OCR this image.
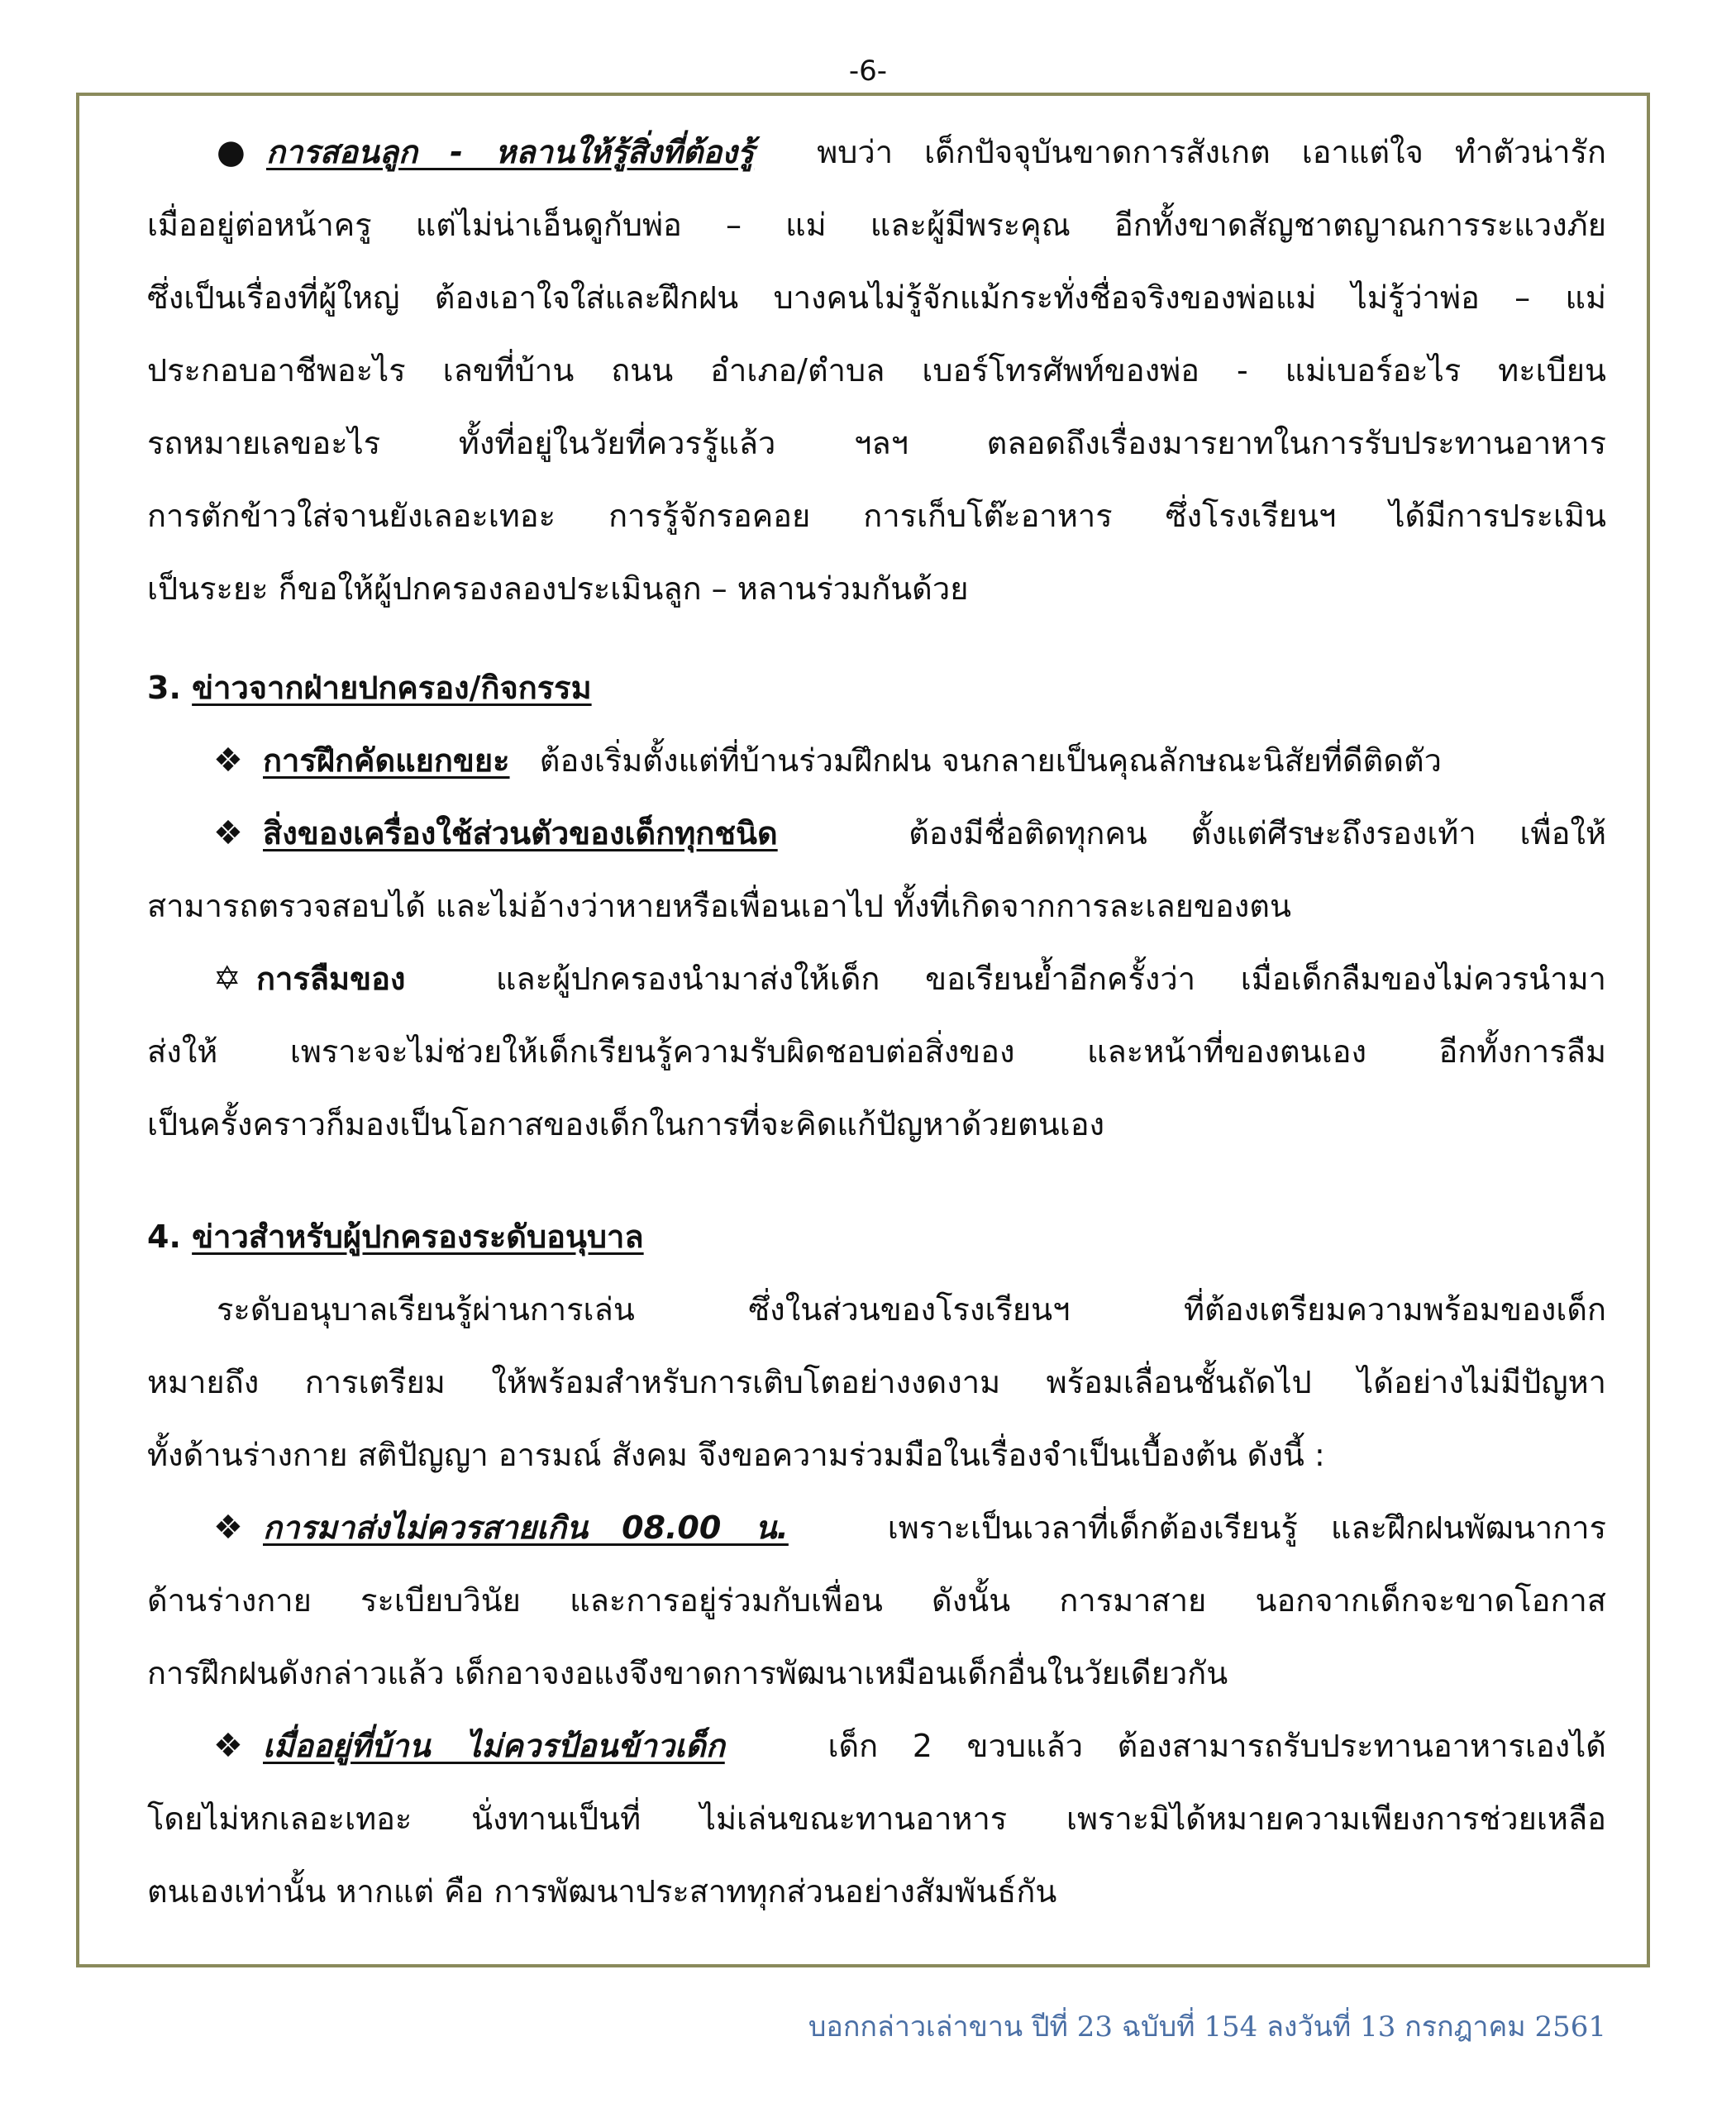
-6-
● การสอนลูก - หลานให้รู้สิ่งที่ต้องรู้ พบว่า เด็กปัจจุบันขาดการสังเกต เอาแต่ใจ ทำตัวน่ารัก
เมื่ออยู่ต่อหน้าครู แต่ไม่น่าเอ็นดูกับพ่อ – แม่ และผู้มีพระคุณ อีกทั้งขาดสัญชาตญาณการระแวงภัย
ซึ่งเป็นเรื่องที่ผู้ใหญ่ ต้องเอาใจใส่และฝึกฝน บางคนไม่รู้จักแม้กระทั่งชื่อจริงของพ่อแม่ ไม่รู้ว่าพ่อ – แม่
ประกอบอาชีพอะไร เลขที่บ้าน ถนน อำเภอ/ตำบล เบอร์โทรศัพท์ของพ่อ - แม่เบอร์อะไร ทะเบียน
รถหมายเลขอะไร ทั้งที่อยู่ในวัยที่ควรรู้แล้ว ฯลฯ ตลอดถึงเรื่องมารยาทในการรับประทานอาหาร
การตักข้าวใส่จานยังเลอะเทอะ การรู้จักรอคอย การเก็บโต๊ะอาหาร ซึ่งโรงเรียนฯ ได้มีการประเมิน
เป็นระยะ ก็ขอให้ผู้ปกครองลองประเมินลูก – หลานร่วมกันด้วย
3. ข่าวจากฝ่ายปกครอง/กิจกรรม
❖ การฝึกคัดแยกขยะ ต้องเริ่มตั้งแต่ที่บ้านร่วมฝึกฝน จนกลายเป็นคุณลักษณะนิสัยที่ดีติดตัว
❖ สิ่งของเครื่องใช้ส่วนตัวของเด็กทุกชนิด	ต้องมีชื่อติดทุกคน ตั้งแต่ศีรษะถึงรองเท้า เพื่อให้
สามารถตรวจสอบได้ และไม่อ้างว่าหายหรือเพื่อนเอาไป ทั้งที่เกิดจากการละเลยของตน
✡ การลืมของ	และผู้ปกครองนำมาส่งให้เด็ก ขอเรียนย้ำอีกครั้งว่า เมื่อเด็กลืมของไม่ควรนำมา
ส่งให้ เพราะจะไม่ช่วยให้เด็กเรียนรู้ความรับผิดชอบต่อสิ่งของ และหน้าที่ของตนเอง อีกทั้งการลืม
เป็นครั้งคราวก็มองเป็นโอกาสของเด็กในการที่จะคิดแก้ปัญหาด้วยตนเอง
4. ข่าวสำหรับผู้ปกครองระดับอนุบาล
ระดับอนุบาลเรียนรู้ผ่านการเล่น ซึ่งในส่วนของโรงเรียนฯ ที่ต้องเตรียมความพร้อมของเด็ก
หมายถึง การเตรียม ให้พร้อมสำหรับการเติบโตอย่างงดงาม พร้อมเลื่อนชั้นถัดไป ได้อย่างไม่มีปัญหา
ทั้งด้านร่างกาย สติปัญญา อารมณ์ สังคม จึงขอความร่วมมือในเรื่องจำเป็นเบื้องต้น ดังนี้ :
❖ การมาส่งไม่ควรสายเกิน 08.00 น.	เพราะเป็นเวลาที่เด็กต้องเรียนรู้ และฝึกฝนพัฒนาการ
ด้านร่างกาย ระเบียบวินัย และการอยู่ร่วมกับเพื่อน ดังนั้น การมาสาย นอกจากเด็กจะขาดโอกาส
การฝึกฝนดังกล่าวแล้ว เด็กอาจงอแงจึงขาดการพัฒนาเหมือนเด็กอื่นในวัยเดียวกัน
❖ เมื่ออยู่ที่บ้าน ไม่ควรป้อนข้าวเด็ก	เด็ก 2 ขวบแล้ว ต้องสามารถรับประทานอาหารเองได้
โดยไม่หกเลอะเทอะ นั่งทานเป็นที่ ไม่เล่นขณะทานอาหาร เพราะมิได้หมายความเพียงการช่วยเหลือ
ตนเองเท่านั้น หากแต่ คือ การพัฒนาประสาททุกส่วนอย่างสัมพันธ์กัน
บอกกล่าวเล่าขาน ปีที่ 23 ฉบับที่ 154 ลงวันที่ 13 กรกฎาคม 2561
